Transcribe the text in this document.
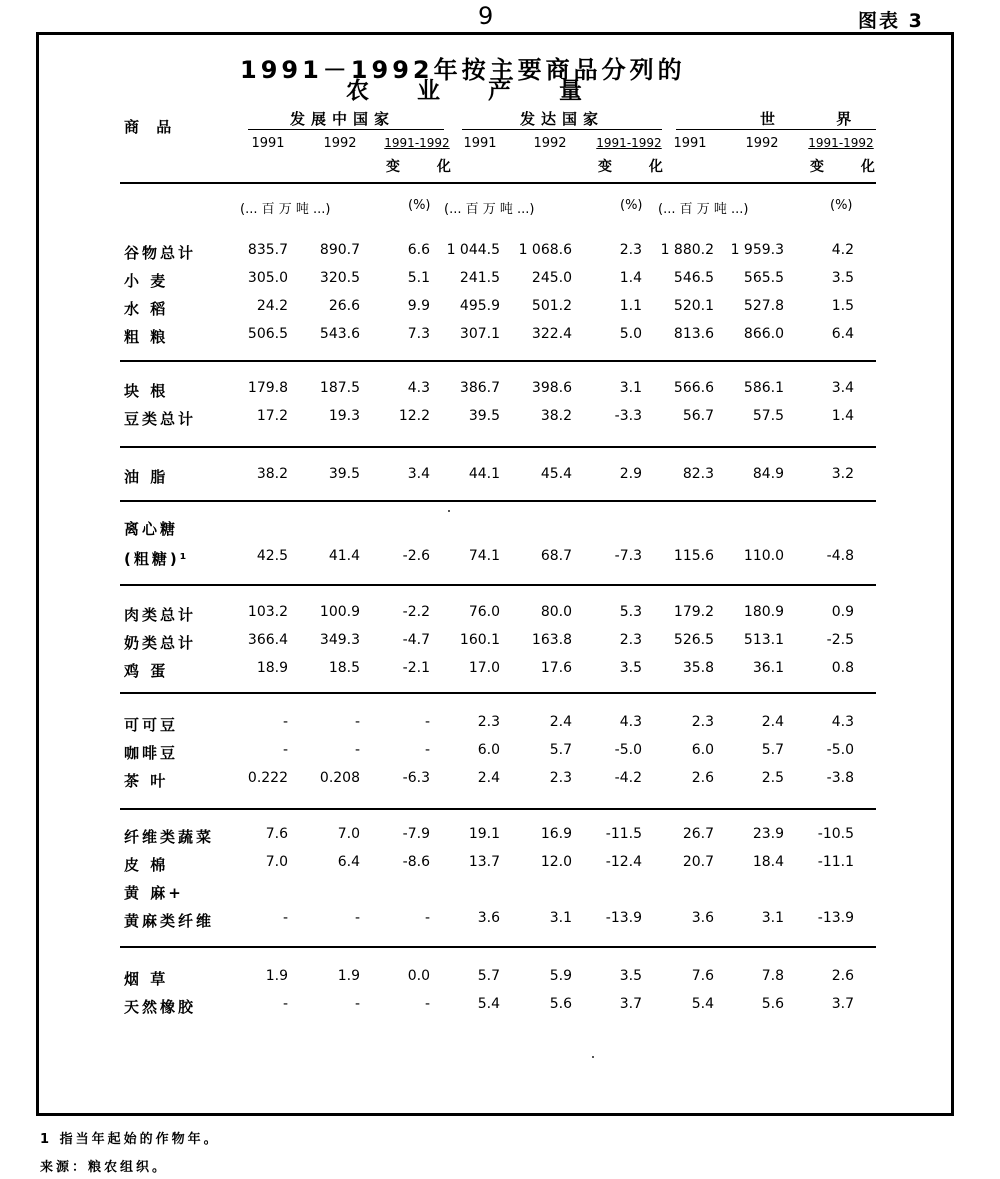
9	图表 3
1991－1992年按主要商品分列的
农 业 产 量
商 品	发展中国家	发达国家	世 界
1991	1992	1991-1992	1991	1992	1991-1992 1991	1992	1991-1992
变 化	变 化	变 化
(... 百 万 吨 ...)	(%) (... 百 万 吨 ...)	(%) (... 百 万 吨 ...)	(%)
谷物总计	835.7	890.7	6.6	1 044.5	1 068.6	2.3	1 880.2	1 959.3	4.2
小 麦	305.0	320.5	5.1	241.5	245.0	1.4	546.5	565.5	3.5
水 稻	24.2	26.6	9.9	495.9	501.2	1.1	520.1	527.8	1.5
粗 粮	506.5	543.6	7.3	307.1	322.4	5.0	813.6	866.0	6.4
块 根	179.8	187.5	4.3	386.7	398.6	3.1	566.6	586.1	3.4
豆类总计	17.2	19.3	12.2	39.5	38.2	-3.3	56.7	57.5	1.4
油 脂	38.2	39.5	3.4	44.1	45.4	2.9	82.3	84.9	3.2
离心糖
(粗糖)¹	42.5	41.4	-2.6	74.1	68.7	-7.3	115.6	110.0	-4.8
肉类总计	103.2	100.9	-2.2	76.0	80.0	5.3	179.2	180.9	0.9
奶类总计	366.4	349.3	-4.7	160.1	163.8	2.3	526.5	513.1	-2.5
鸡 蛋	18.9	18.5	-2.1	17.0	17.6	3.5	35.8	36.1	0.8
可可豆	-	-	-	2.3	2.4	4.3	2.3	2.4	4.3
咖啡豆	-	-	-	6.0	5.7	-5.0	6.0	5.7	-5.0
茶 叶	0.222	0.208	-6.3	2.4	2.3	-4.2	2.6	2.5	-3.8
纤维类蔬菜	7.6	7.0	-7.9	19.1	16.9	-11.5	26.7	23.9	-10.5
皮 棉	7.0	6.4	-8.6	13.7	12.0	-12.4	20.7	18.4	-11.1
黄 麻+
黄麻类纤维	-	-	-	3.6	3.1	-13.9	3.6	3.1	-13.9
烟 草	1.9	1.9	0.0	5.7	5.9	3.5	7.6	7.8	2.6
天然橡胶	-	-	-	5.4	5.6	3.7	5.4	5.6	3.7
1 指当年起始的作物年。
来源：粮农组织。
